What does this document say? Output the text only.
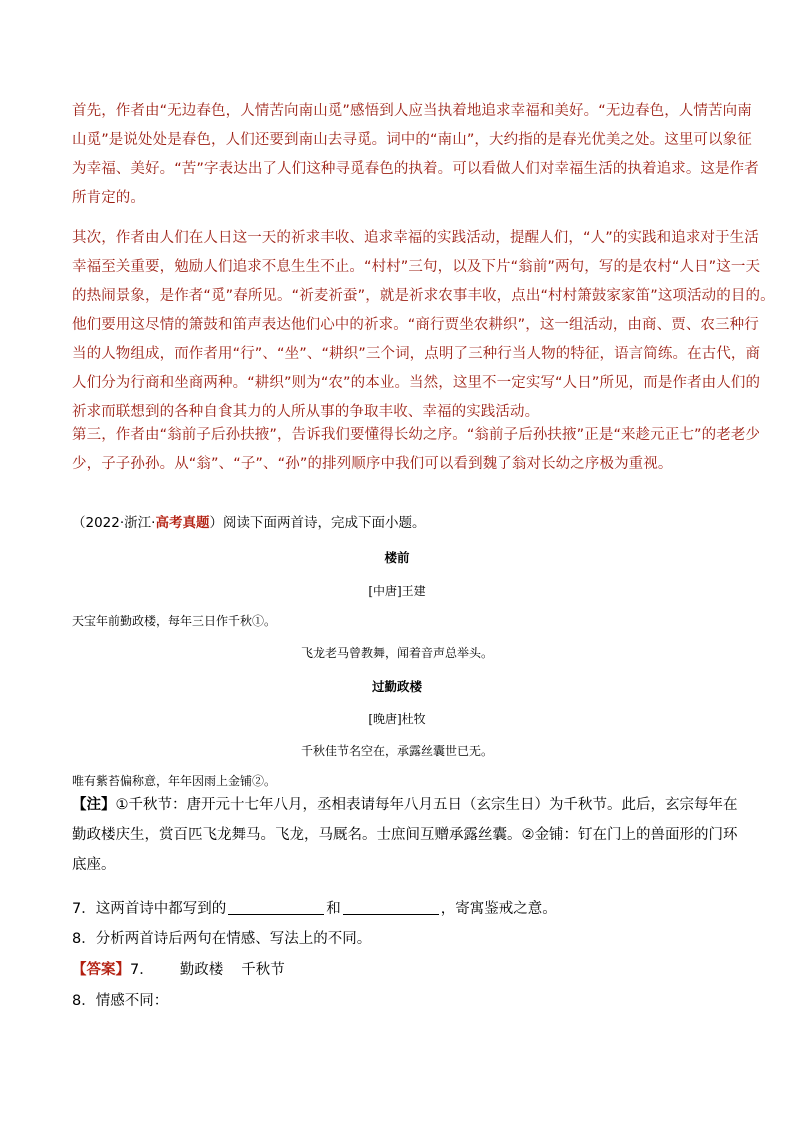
首先，作者由“无边春色，人情苦向南山觅”感悟到人应当执着地追求幸福和美好。“无边春色，人情苦向南
山觅”是说处处是春色，人们还要到南山去寻觅。词中的“南山”，大约指的是春光优美之处。这里可以象征
为幸福、美好。“苦”字表达出了人们这种寻觅春色的执着。可以看做人们对幸福生活的执着追求。这是作者
所肯定的。

其次，作者由人们在人日这一天的祈求丰收、追求幸福的实践活动，提醒人们，“人”的实践和追求对于生活
幸福至关重要，勉励人们追求不息生生不止。“村村”三句，以及下片“翁前”两句，写的是农村“人日”这一天
的热闹景象，是作者“觅”春所见。“祈麦祈蚕”，就是祈求农事丰收，点出“村村箫鼓家家笛”这项活动的目的。
他们要用这尽情的箫鼓和笛声表达他们心中的祈求。“商行贾坐农耕织”，这一组活动，由商、贾、农三种行
当的人物组成，而作者用“行”、“坐”、“耕织”三个词，点明了三种行当人物的特征，语言简练。在古代，商
人们分为行商和坐商两种。“耕织”则为“农”的本业。当然，这里不一定实写“人日”所见，而是作者由人们的
祈求而联想到的各种自食其力的人所从事的争取丰收、幸福的实践活动。

第三，作者由“翁前子后孙扶掖”，告诉我们要懂得长幼之序。“翁前子后孙扶掖”正是“来趁元正七”的老老少
少，子子孙孙。从“翁”、“子”、“孙”的排列顺序中我们可以看到魏了翁对长幼之序极为重视。

（2022·浙江·高考真题）阅读下面两首诗，完成下面小题。
楼前
[中唐]王建
天宝年前勤政楼，每年三日作千秋①。
飞龙老马曾教舞，闻着音声总举头。
过勤政楼
[晚唐]杜牧
千秋佳节名空在，承露丝囊世已无。
唯有紫苔偏称意，年年因雨上金铺②。

【注】①千秋节：唐开元十七年八月，丞相表请每年八月五日（玄宗生日）为千秋节。此后，玄宗每年在
勤政楼庆生，赏百匹飞龙舞马。飞龙，马厩名。士庶间互赠承露丝囊。②金铺：钉在门上的兽面形的门环
底座。

7．这两首诗中都写到的	和	，寄寓鉴戒之意。
8．分析两首诗后两句在情感、写法上的不同。
【答案】7． 勤政楼 千秋节
8．情感不同：
